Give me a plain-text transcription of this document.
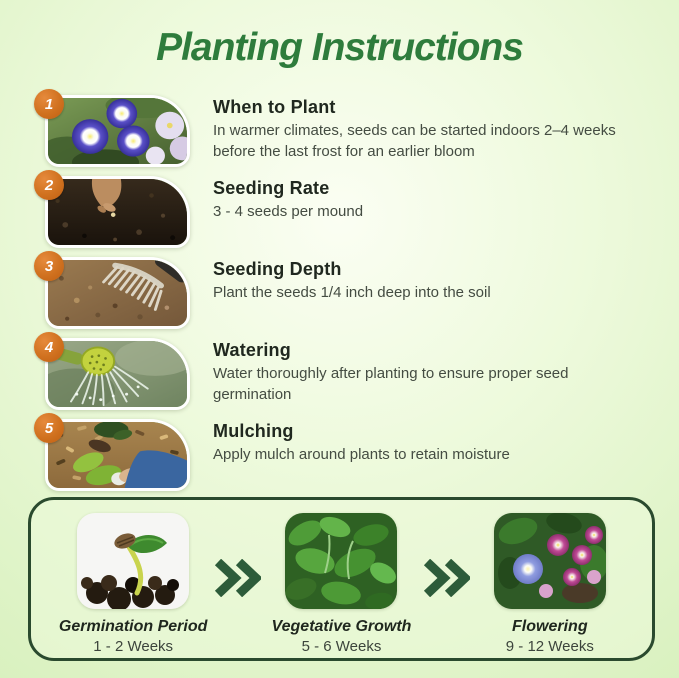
Planting Instructions
1	When to Plant

In warmer climates, seeds can be started indoors 2–4 weeks before the last frost for an earlier bloom

2	Seeding Rate

3 - 4 seeds per mound

3	Seeding Depth

Plant the seeds 1/4 inch deep into the soil

4	Watering

Water thoroughly after planting to ensure proper seed germination

5	Mulching

Apply mulch around plants to retain moisture

Germination Period
1 - 2 Weeks
Vegetative Growth
5 - 6 Weeks
Flowering
9 - 12 Weeks
